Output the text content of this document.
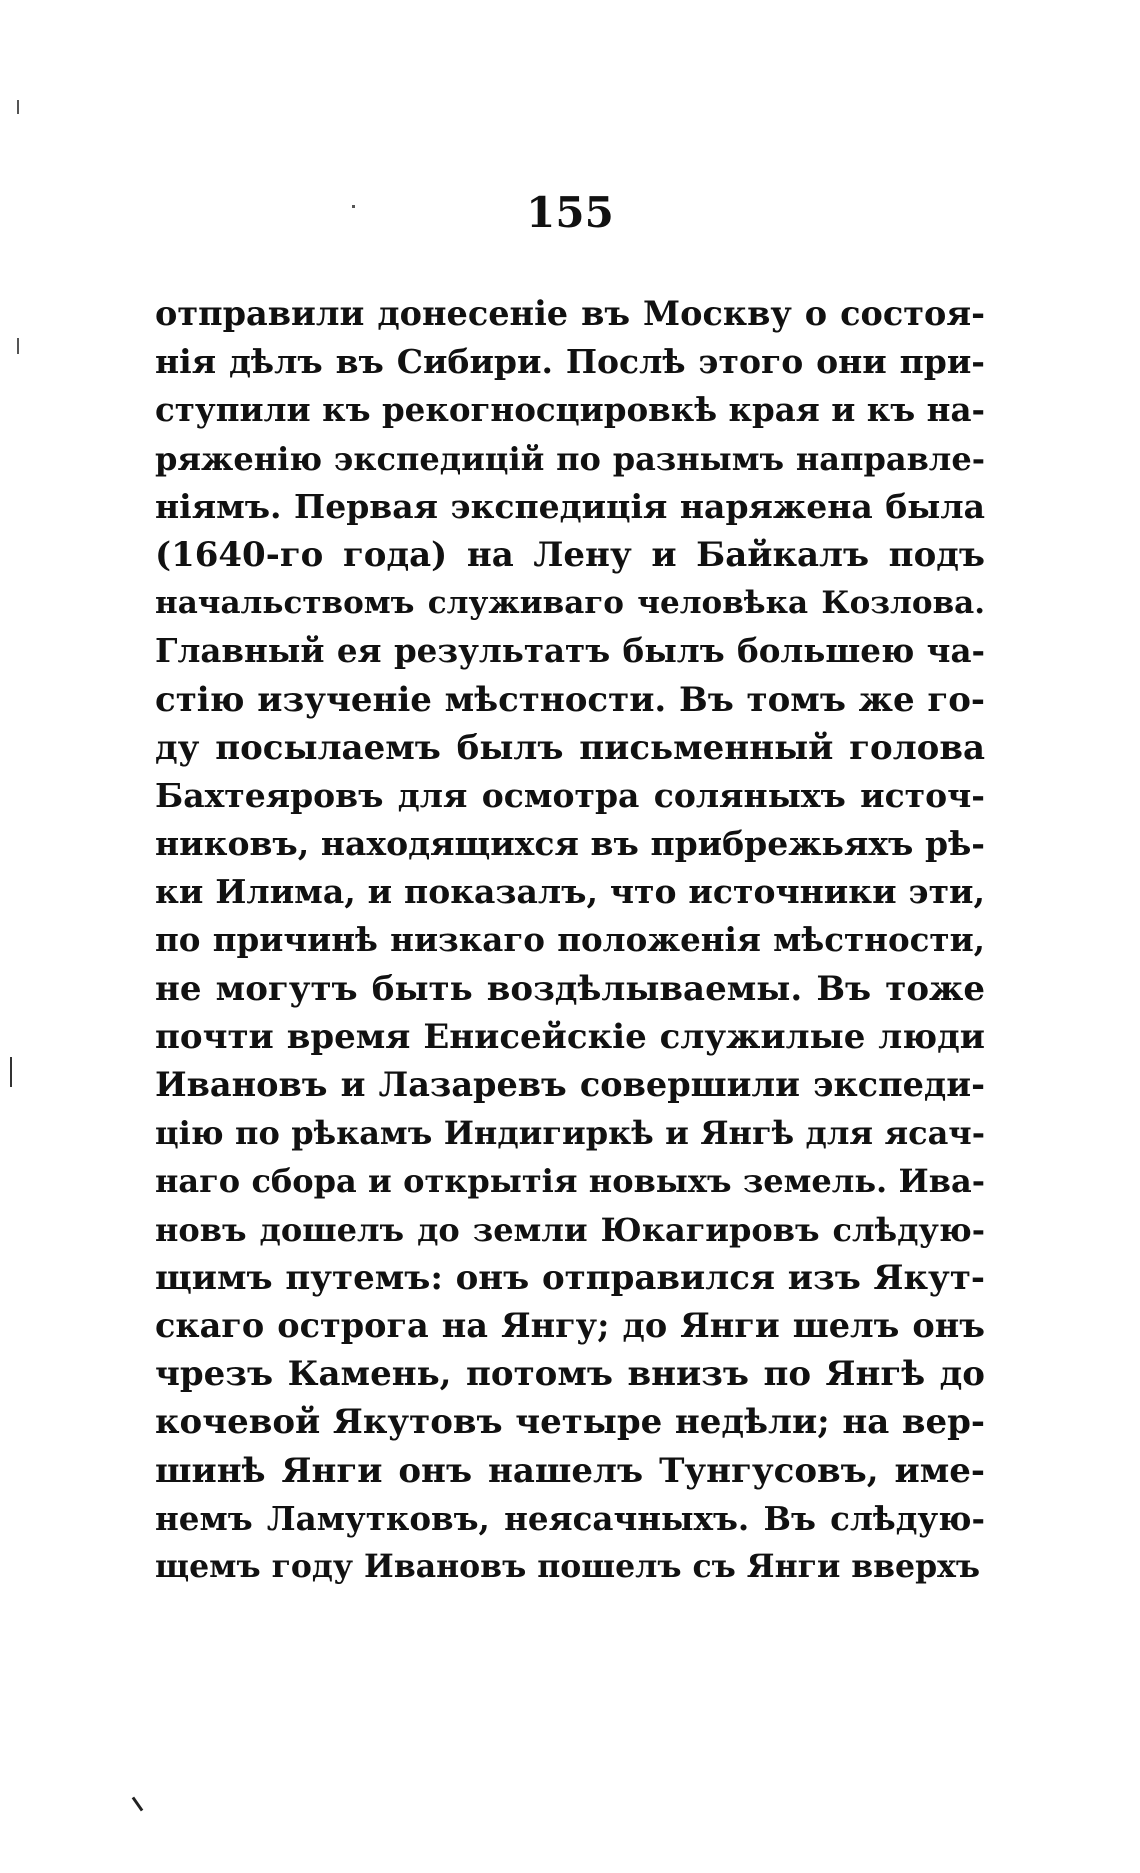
155
отправили донесеніе въ Москву о состоя-
нія дѣлъ въ Сибири. Послѣ этого они при-
ступили къ рекогносцировкѣ края и къ на-
ряженію экспедицій по разнымъ направле-
ніямъ. Первая экспедиція наряжена была
(1640-го года) на Лену и Байкалъ подъ
начальствомъ служиваго человѣка Козлова.
Главный ея результатъ былъ большею ча-
стію изученіе мѣстности. Въ томъ же го-
ду посылаемъ былъ письменный голова
Бахтеяровъ для осмотра соляныхъ источ-
никовъ, находящихся въ прибрежьяхъ рѣ-
ки Илима, и показалъ, что источники эти,
по причинѣ низкаго положенія мѣстности,
не могутъ быть воздѣлываемы. Въ тоже
почти время Енисейскіе служилые люди
Ивановъ и Лазаревъ совершили экспеди-
цію по рѣкамъ Индигиркѣ и Янгѣ для ясач-
наго сбора и открытія новыхъ земель. Ива-
новъ дошелъ до земли Юкагировъ слѣдую-
щимъ путемъ: онъ отправился изъ Якут-
скаго острога на Янгу; до Янги шелъ онъ
чрезъ Камень, потомъ внизъ по Янгѣ до
кочевой Якутовъ четыре недѣли; на вер-
шинѣ Янги онъ нашелъ Тунгусовъ, име-
немъ Ламутковъ, неясачныхъ. Въ слѣдую-
щемъ году Ивановъ пошелъ съ Янги вверхъ
